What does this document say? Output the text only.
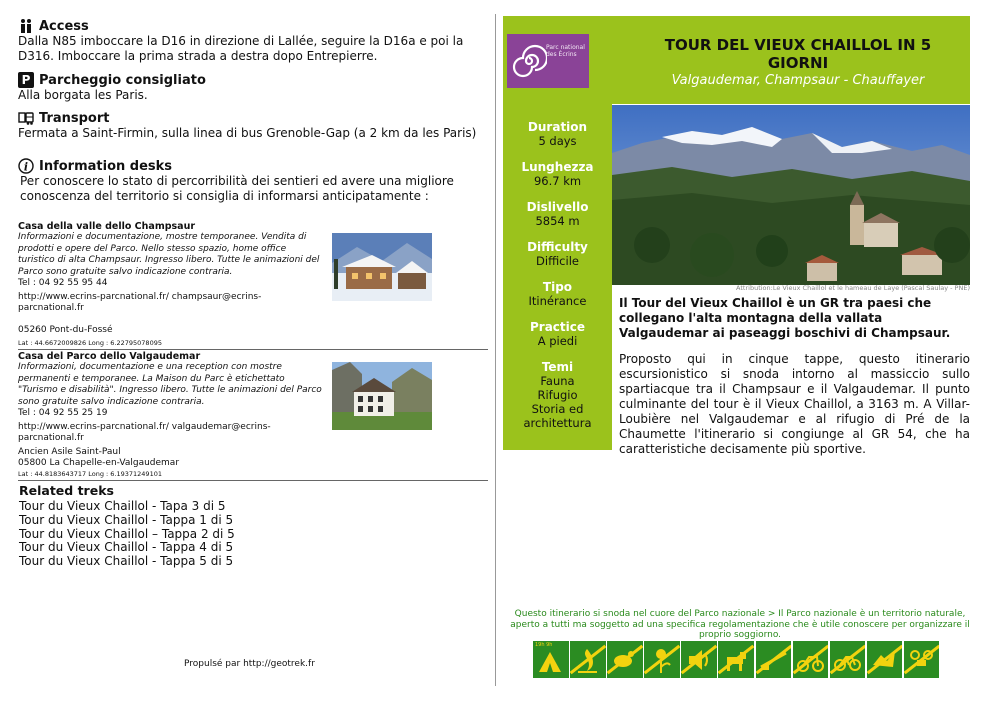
Access
Dalla N85 imboccare la D16 in direzione di Lallée, seguire la D16a e poi la D316. Imboccare la prima strada a destra dopo Entrepierre.
P Parcheggio consigliato
Alla borgata les Paris.
Transport
Fermata a Saint-Firmin, sulla linea di bus Grenoble-Gap (a 2 km da les Paris)
i Information desks
Per conoscere lo stato di percorribilità dei sentieri ed avere una migliore conoscenza del territorio si consiglia di informarsi anticipatamente :
Casa della valle dello Champsaur
Informazioni e documentazione, mostre temporanee. Vendita di prodotti e opere del Parco. Nello stesso spazio, home office turistico di alta Champsaur. Ingresso libero. Tutte le animazioni del Parco sono gratuite salvo indicazione contraria.
Tel : 04 92 55 95 44
http://www.ecrins-parcnational.fr/ champsaur@ecrins-parcnational.fr
05260 Pont-du-Fossé
Lat : 44.6672009826 Long : 6.22795078095
Casa del Parco dello Valgaudemar
Informazioni, documentazione e una reception con mostre permanenti e temporanee. La Maison du Parc è etichettato "Turismo e disabilità". Ingresso libero. Tutte le animazioni del Parco sono gratuite salvo indicazione contraria.
Tel : 04 92 55 25 19
http://www.ecrins-parcnational.fr/ valgaudemar@ecrins-parcnational.fr
Ancien Asile Saint-Paul
05800 La Chapelle-en-Valgaudemar
Lat : 44.8183643717 Long : 6.19371249101
Related treks
Tour du Vieux Chaillol - Tapa 3 di 5
Tour du Vieux Chaillol - Tappa 1 di 5
Tour du Vieux Chaillol – Tappa 2 di 5
Tour du Vieux Chaillol - Tappa 4 di 5
Tour du Vieux Chaillol - Tappa 5 di 5
Propulsé par http://geotrek.fr
Parc national
des Écrins
TOUR DEL VIEUX CHAILLOL IN 5 GIORNI
Valgaudemar, Champsaur - Chauffayer
Duration
5 days
Lunghezza
96.7 km
Dislivello
5854 m
Difficulty
Difficile
Tipo
Itinérance
Practice
A piedi
Temi
Fauna
Rifugio
Storia ed architettura
Attribution:Le Vieux Chaillol et le hameau de Laye (Pascal Saulay - PNE)
Il Tour del Vieux Chaillol è un GR tra paesi che collegano l'alta montagna della vallata Valgaudemar ai paseaggi boschivi di Champsaur.
Proposto qui in cinque tappe, questo itinerario escursionistico si snoda intorno al massiccio sullo spartiacque tra il Champsaur e il Valgaudemar. Il punto culminante del tour è il Vieux Chaillol, a 3163 m. A Villar-Loubière nel Valgaudemar e al rifugio di Pré de la Chaumette l'itinerario si congiunge al GR 54, che ha caratteristiche decisamente più sportive.
Questo itinerario si snoda nel cuore del Parco nazionale > Il Parco nazionale è un territorio naturale, aperto a tutti ma soggetto ad una specifica regolamentazione che è utile conoscere per organizzare il proprio soggiorno.
19h 9h
